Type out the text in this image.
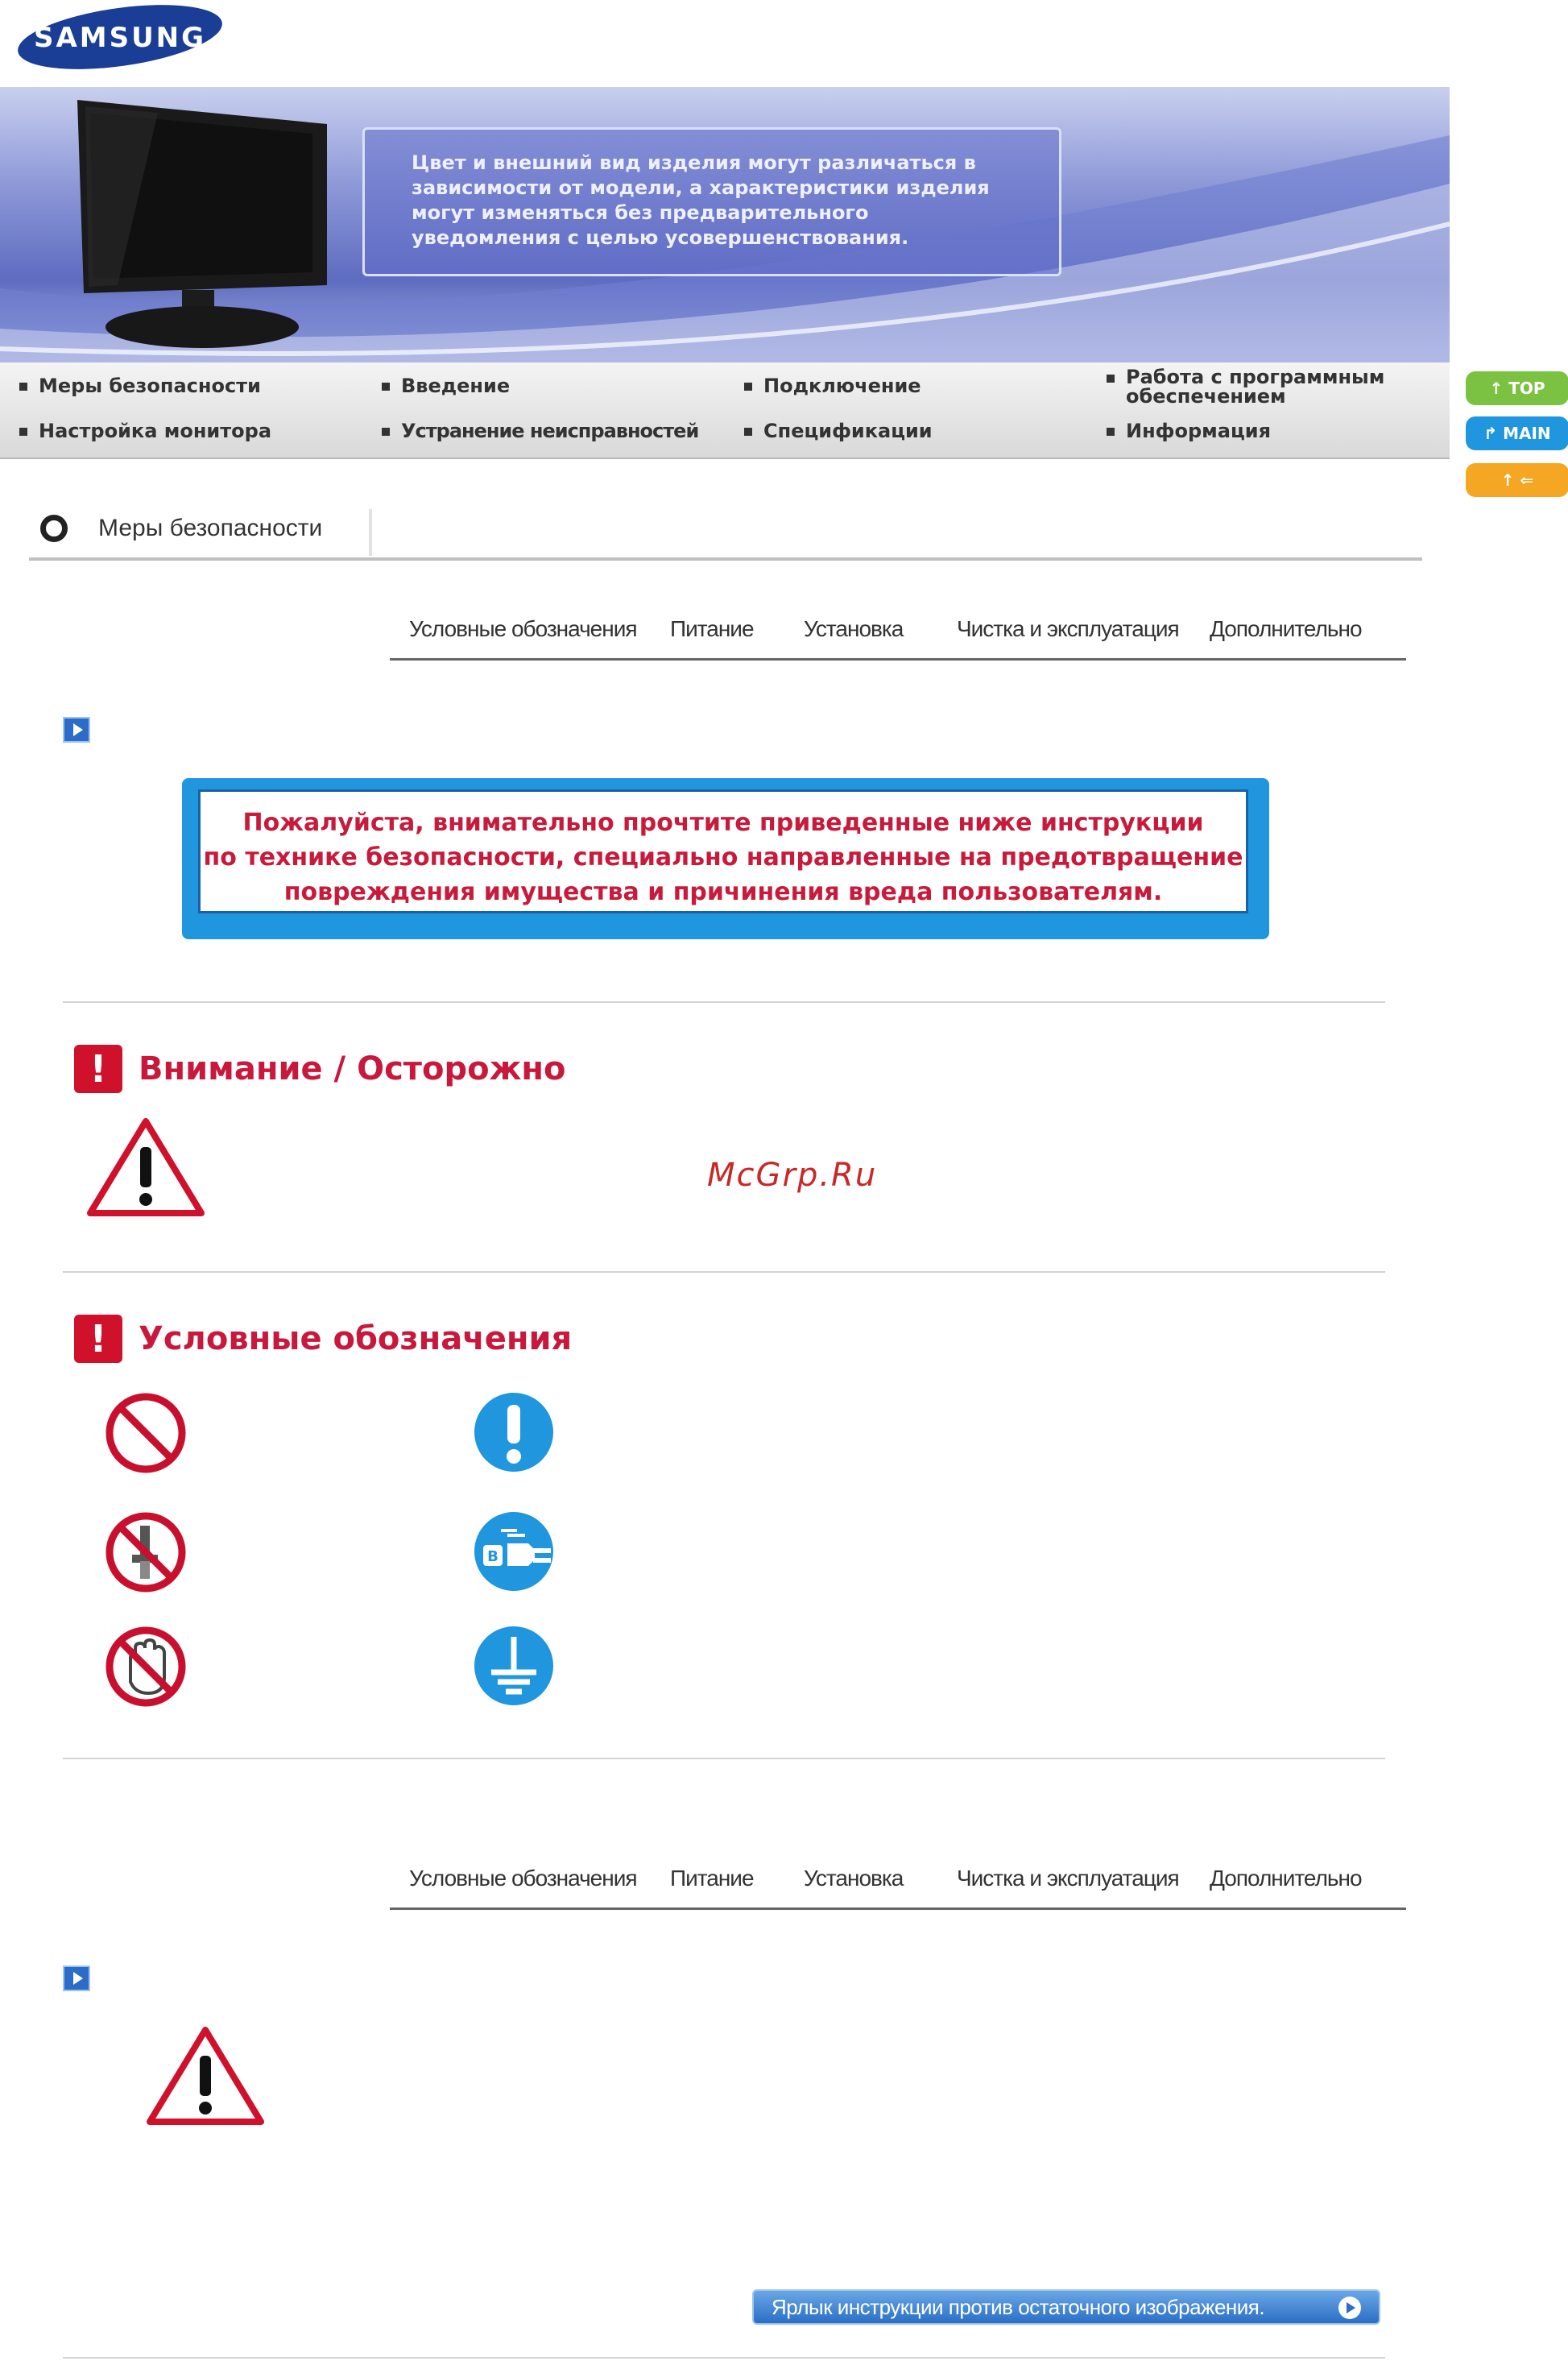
SAMSUNG
Цвет и внешний вид изделия могут различаться в
зависимости от модели, а характеристики изделия
могут изменяться без предварительного
уведомления с целью усовершенствования.
Меры безопасности	Введение	Подключение	Работа с программным обеспечением
Настройка монитора	Устранение неисправностей	Спецификации	Информация
↑ TOP
↱ MAIN
↑ ⇐
Меры безопасности
Условные обозначения Питание Установка Чистка и эксплуатация Дополнительно
Пожалуйста, внимательно прочтите приведенные ниже инструкции
по технике безопасности, специально направленные на предотвращение
повреждения имущества и причинения вреда пользователям.
! Внимание / Осторожно
McGrp.Ru
! Условные обозначения
B
Условные обозначения Питание Установка Чистка и эксплуатация Дополнительно
Ярлык инструкции против остаточного изображения.
